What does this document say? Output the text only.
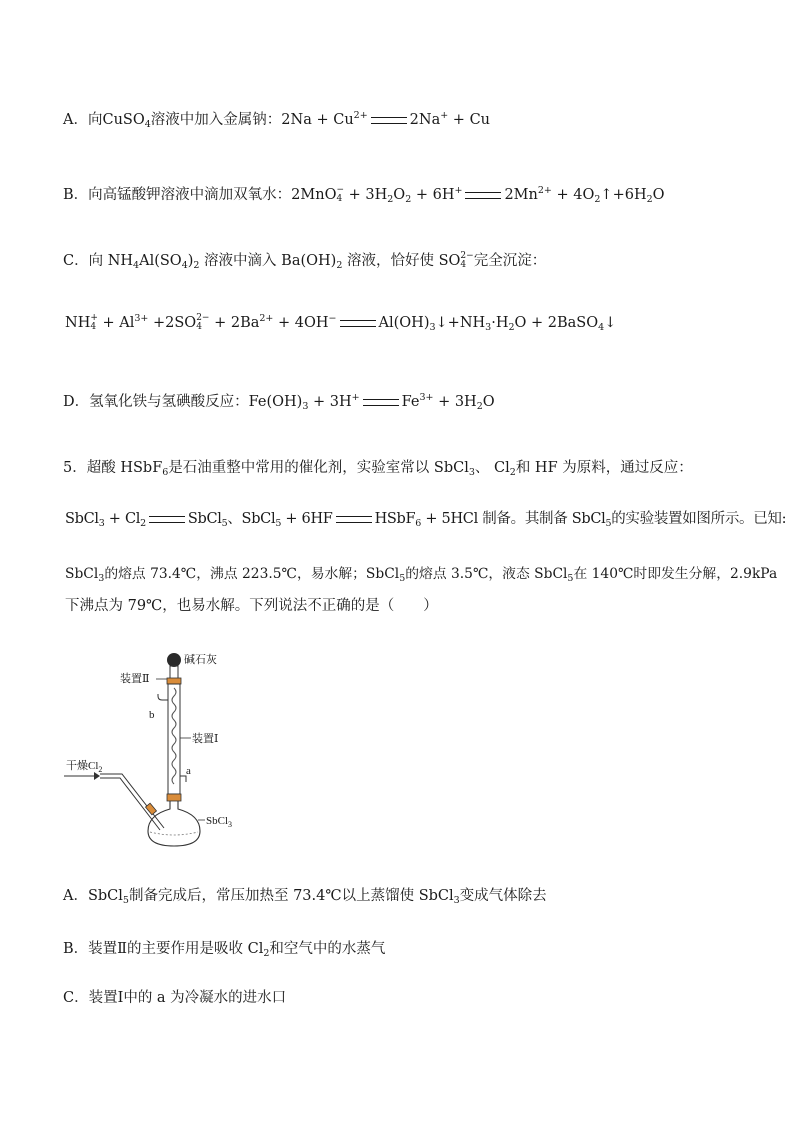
A．向CuSO$_4$溶液中加入金属钠：$2Na + Cu^{2+}$	2Na+ + Cu
B．向高锰酸钾溶液中滴加双氧水：2MnO −
$4 + 3H_2O_2 + 6H^+$	$2Mn^{2+}$ + $4O_2↑+6H_2O$
C．向 $NH_4Al(SO_4)_2$ 溶液中滴入 $Ba(OH)_2$ 溶液，恰好使 SO 2−
4 完全沉淀：
NH +
$4 + Al^{3+} +2SO$ 2−
$4 + 2Ba^{2+} + 4OH^-$	$Al(OH)_3↓+NH_3\cdot H_2O$ + 2BaSO$_4$↓
D．氢氧化铁与氢碘酸反应：$Fe(OH)_3 + 3H^+$	$Fe^{3+} + 3H_2O$
5．超酸 HSbF$_6$是石油重整中常用的催化剂，实验室常以 SbCl$_3$、 $Cl_2$和 HF 为原料，通过反应：
SbCl$_3$ + $Cl_2$	SbCl$_5$、SbCl$_5$ + 6HF	HSbF$_6$ + 5HCl 制备。其制备 SbCl$_5$的实验装置如图所示。已知:
SbCl$_3$的熔点 73.4℃，沸点 223.5℃，易水解；SbCl$_5$的熔点 3.5℃，液态 SbCl$_5$在 140℃时即发生分解，2.9kPa
下沸点为 79℃，也易水解。下列说法不正确的是（　　）
碱石灰
装置Ⅱ
b
装置Ⅰ
a
干燥$Cl_2$
SbCl$_3$
A．SbCl$_5$制备完成后，常压加热至 73.4℃以上蒸馏使 SbCl$_3$变成气体除去
B．装置Ⅱ的主要作用是吸收 $Cl_2$和空气中的水蒸气
C．装置Ⅰ中的 a 为冷凝水的进水口
